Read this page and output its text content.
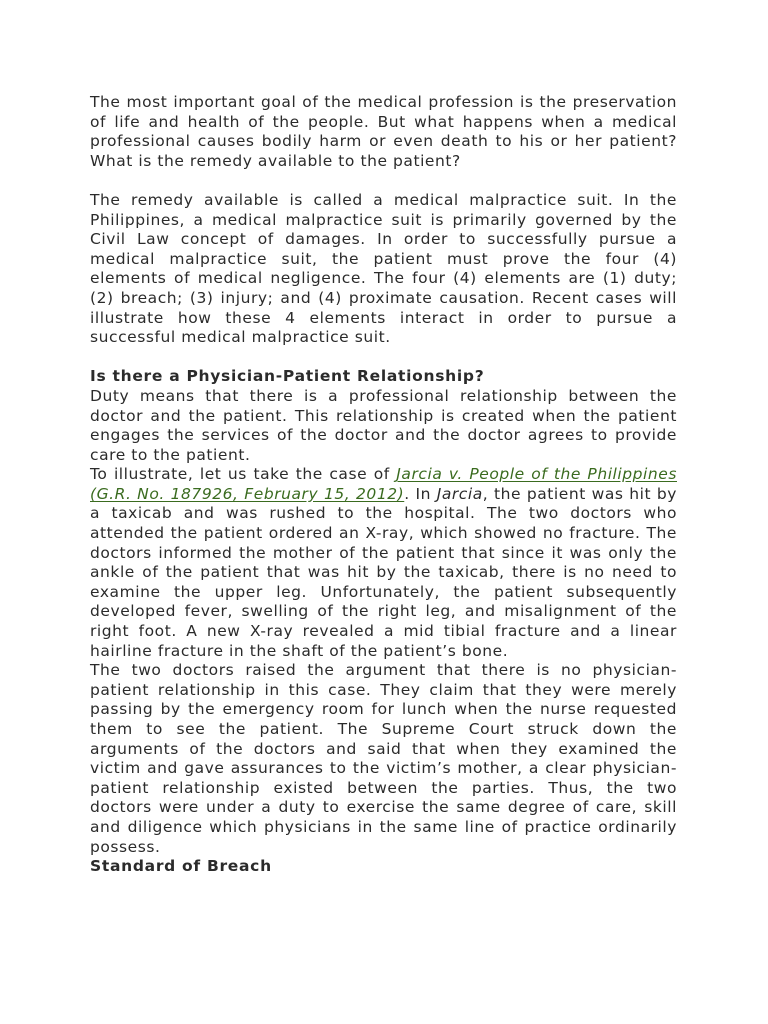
The most important goal of the medical profession is the preservation of life and health of the people. But what happens when a medical professional causes bodily harm or even death to his or her patient? What is the remedy available to the patient?

The remedy available is called a medical malpractice suit. In the Philippines, a medical malpractice suit is primarily governed by the Civil Law concept of damages. In order to successfully pursue a medical malpractice suit, the patient must prove the four (4) elements of medical negligence. The four (4) elements are (1) duty; (2) breach; (3) injury; and (4) proximate causation. Recent cases will illustrate how these 4 elements interact in order to pursue a successful medical malpractice suit.

Is there a Physician-Patient Relationship?

Duty means that there is a professional relationship between the doctor and the patient. This relationship is created when the patient engages the services of the doctor and the doctor agrees to provide care to the patient.

To illustrate, let us take the case of Jarcia v. People of the Philippines (G.R. No. 187926, February 15, 2012). In Jarcia, the patient was hit by a taxicab and was rushed to the hospital. The two doctors who attended the patient ordered an X-ray, which showed no fracture. The doctors informed the mother of the patient that since it was only the ankle of the patient that was hit by the taxicab, there is no need to examine the upper leg. Unfortunately, the patient subsequently developed fever, swelling of the right leg, and misalignment of the right foot. A new X-ray revealed a mid tibial fracture and a linear hairline fracture in the shaft of the patient’s bone.

The two doctors raised the argument that there is no physician-patient relationship in this case. They claim that they were merely passing by the emergency room for lunch when the nurse requested them to see the patient. The Supreme Court struck down the arguments of the doctors and said that when they examined the victim and gave assurances to the victim’s mother, a clear physician-patient relationship existed between the parties. Thus, the two doctors were under a duty to exercise the same degree of care, skill and diligence which physicians in the same line of practice ordinarily possess.

Standard of Breach
